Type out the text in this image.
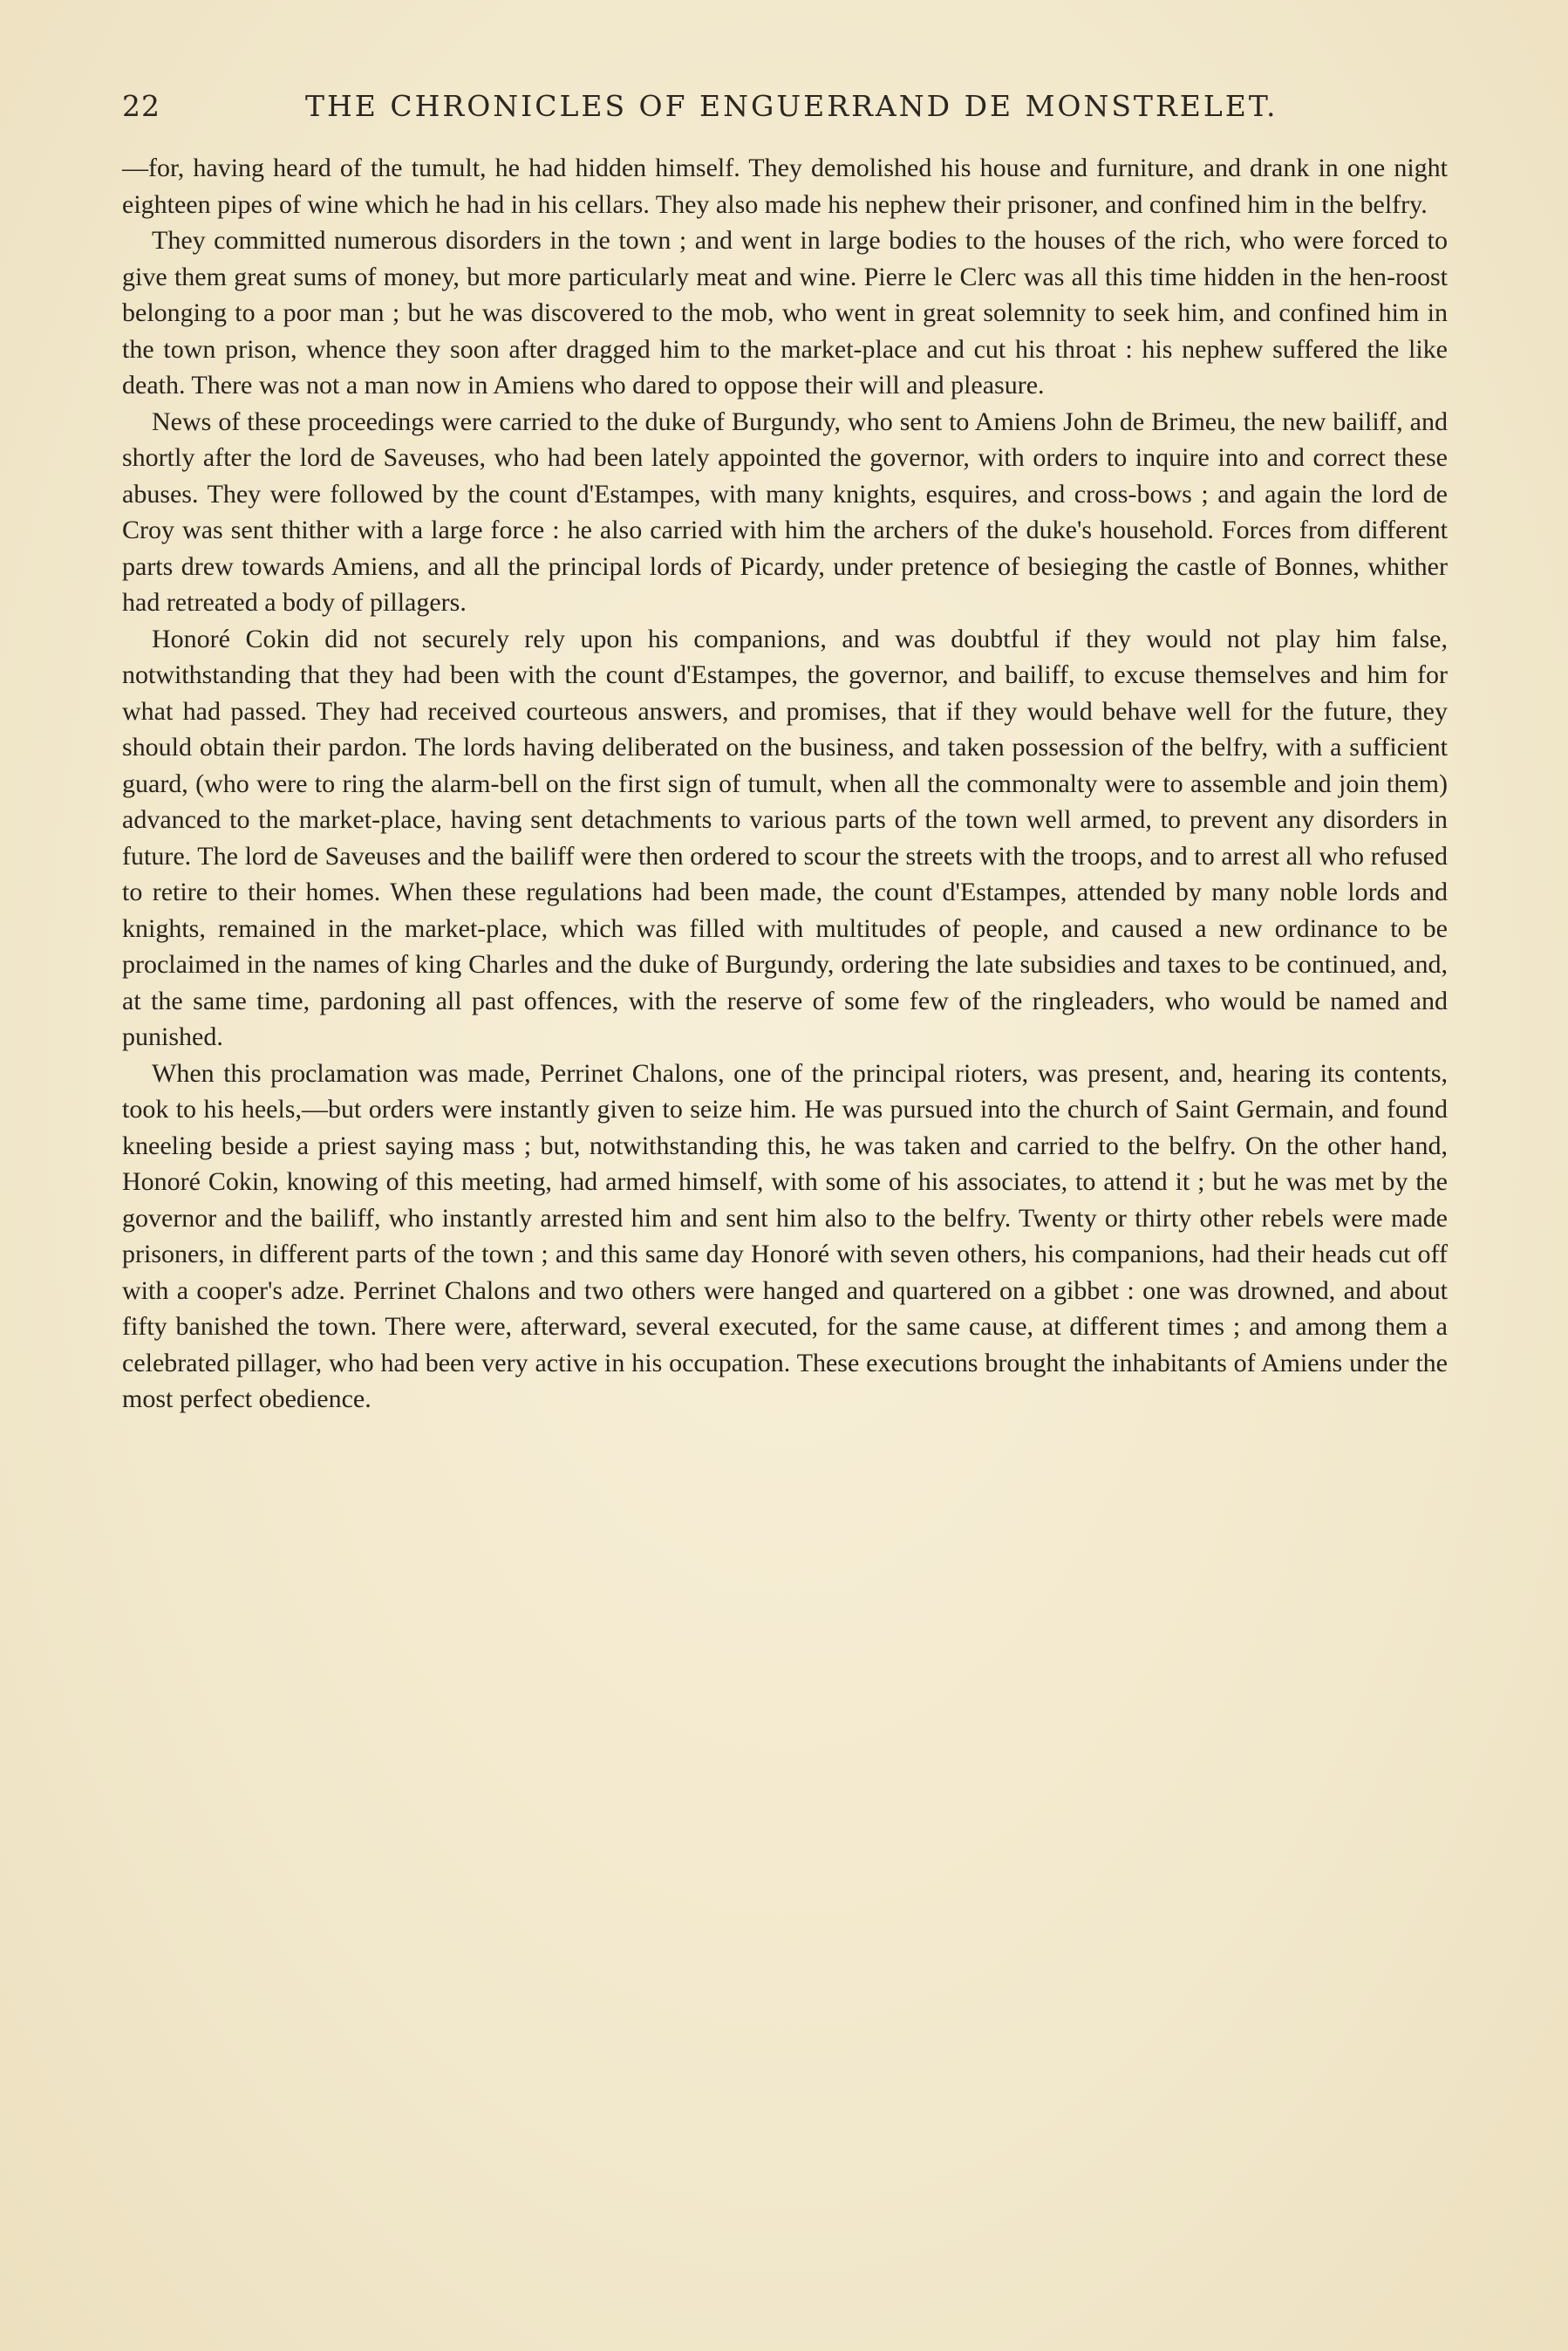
22	THE CHRONICLES OF ENGUERRAND DE MONSTRELET.

—for, having heard of the tumult, he had hidden himself. They demolished his house and furniture, and drank in one night eighteen pipes of wine which he had in his cellars. They also made his nephew their prisoner, and confined him in the belfry.

They committed numerous disorders in the town ; and went in large bodies to the houses of the rich, who were forced to give them great sums of money, but more particularly meat and wine. Pierre le Clerc was all this time hidden in the hen-roost belonging to a poor man ; but he was discovered to the mob, who went in great solemnity to seek him, and confined him in the town prison, whence they soon after dragged him to the market-place and cut his throat : his nephew suffered the like death. There was not a man now in Amiens who dared to oppose their will and pleasure.

News of these proceedings were carried to the duke of Burgundy, who sent to Amiens John de Brimeu, the new bailiff, and shortly after the lord de Saveuses, who had been lately appointed the governor, with orders to inquire into and correct these abuses. They were followed by the count d'Estampes, with many knights, esquires, and cross-bows ; and again the lord de Croy was sent thither with a large force : he also carried with him the archers of the duke's household. Forces from different parts drew towards Amiens, and all the principal lords of Picardy, under pretence of besieging the castle of Bonnes, whither had retreated a body of pillagers.

Honoré Cokin did not securely rely upon his companions, and was doubtful if they would not play him false, notwithstanding that they had been with the count d'Estampes, the governor, and bailiff, to excuse themselves and him for what had passed. They had received courteous answers, and promises, that if they would behave well for the future, they should obtain their pardon. The lords having deliberated on the business, and taken possession of the belfry, with a sufficient guard, (who were to ring the alarm-bell on the first sign of tumult, when all the commonalty were to assemble and join them) advanced to the market-place, having sent detachments to various parts of the town well armed, to prevent any disorders in future. The lord de Saveuses and the bailiff were then ordered to scour the streets with the troops, and to arrest all who refused to retire to their homes. When these regulations had been made, the count d'Estampes, attended by many noble lords and knights, remained in the market-place, which was filled with multitudes of people, and caused a new ordinance to be proclaimed in the names of king Charles and the duke of Burgundy, ordering the late subsidies and taxes to be continued, and, at the same time, pardoning all past offences, with the reserve of some few of the ringleaders, who would be named and punished.

When this proclamation was made, Perrinet Chalons, one of the principal rioters, was present, and, hearing its contents, took to his heels,—but orders were instantly given to seize him. He was pursued into the church of Saint Germain, and found kneeling beside a priest saying mass ; but, notwithstanding this, he was taken and carried to the belfry. On the other hand, Honoré Cokin, knowing of this meeting, had armed himself, with some of his associates, to attend it ; but he was met by the governor and the bailiff, who instantly arrested him and sent him also to the belfry. Twenty or thirty other rebels were made prisoners, in different parts of the town ; and this same day Honoré with seven others, his companions, had their heads cut off with a cooper's adze. Perrinet Chalons and two others were hanged and quartered on a gibbet : one was drowned, and about fifty banished the town. There were, afterward, several executed, for the same cause, at different times ; and among them a celebrated pillager, who had been very active in his occupation. These executions brought the inhabitants of Amiens under the most perfect obedience.
